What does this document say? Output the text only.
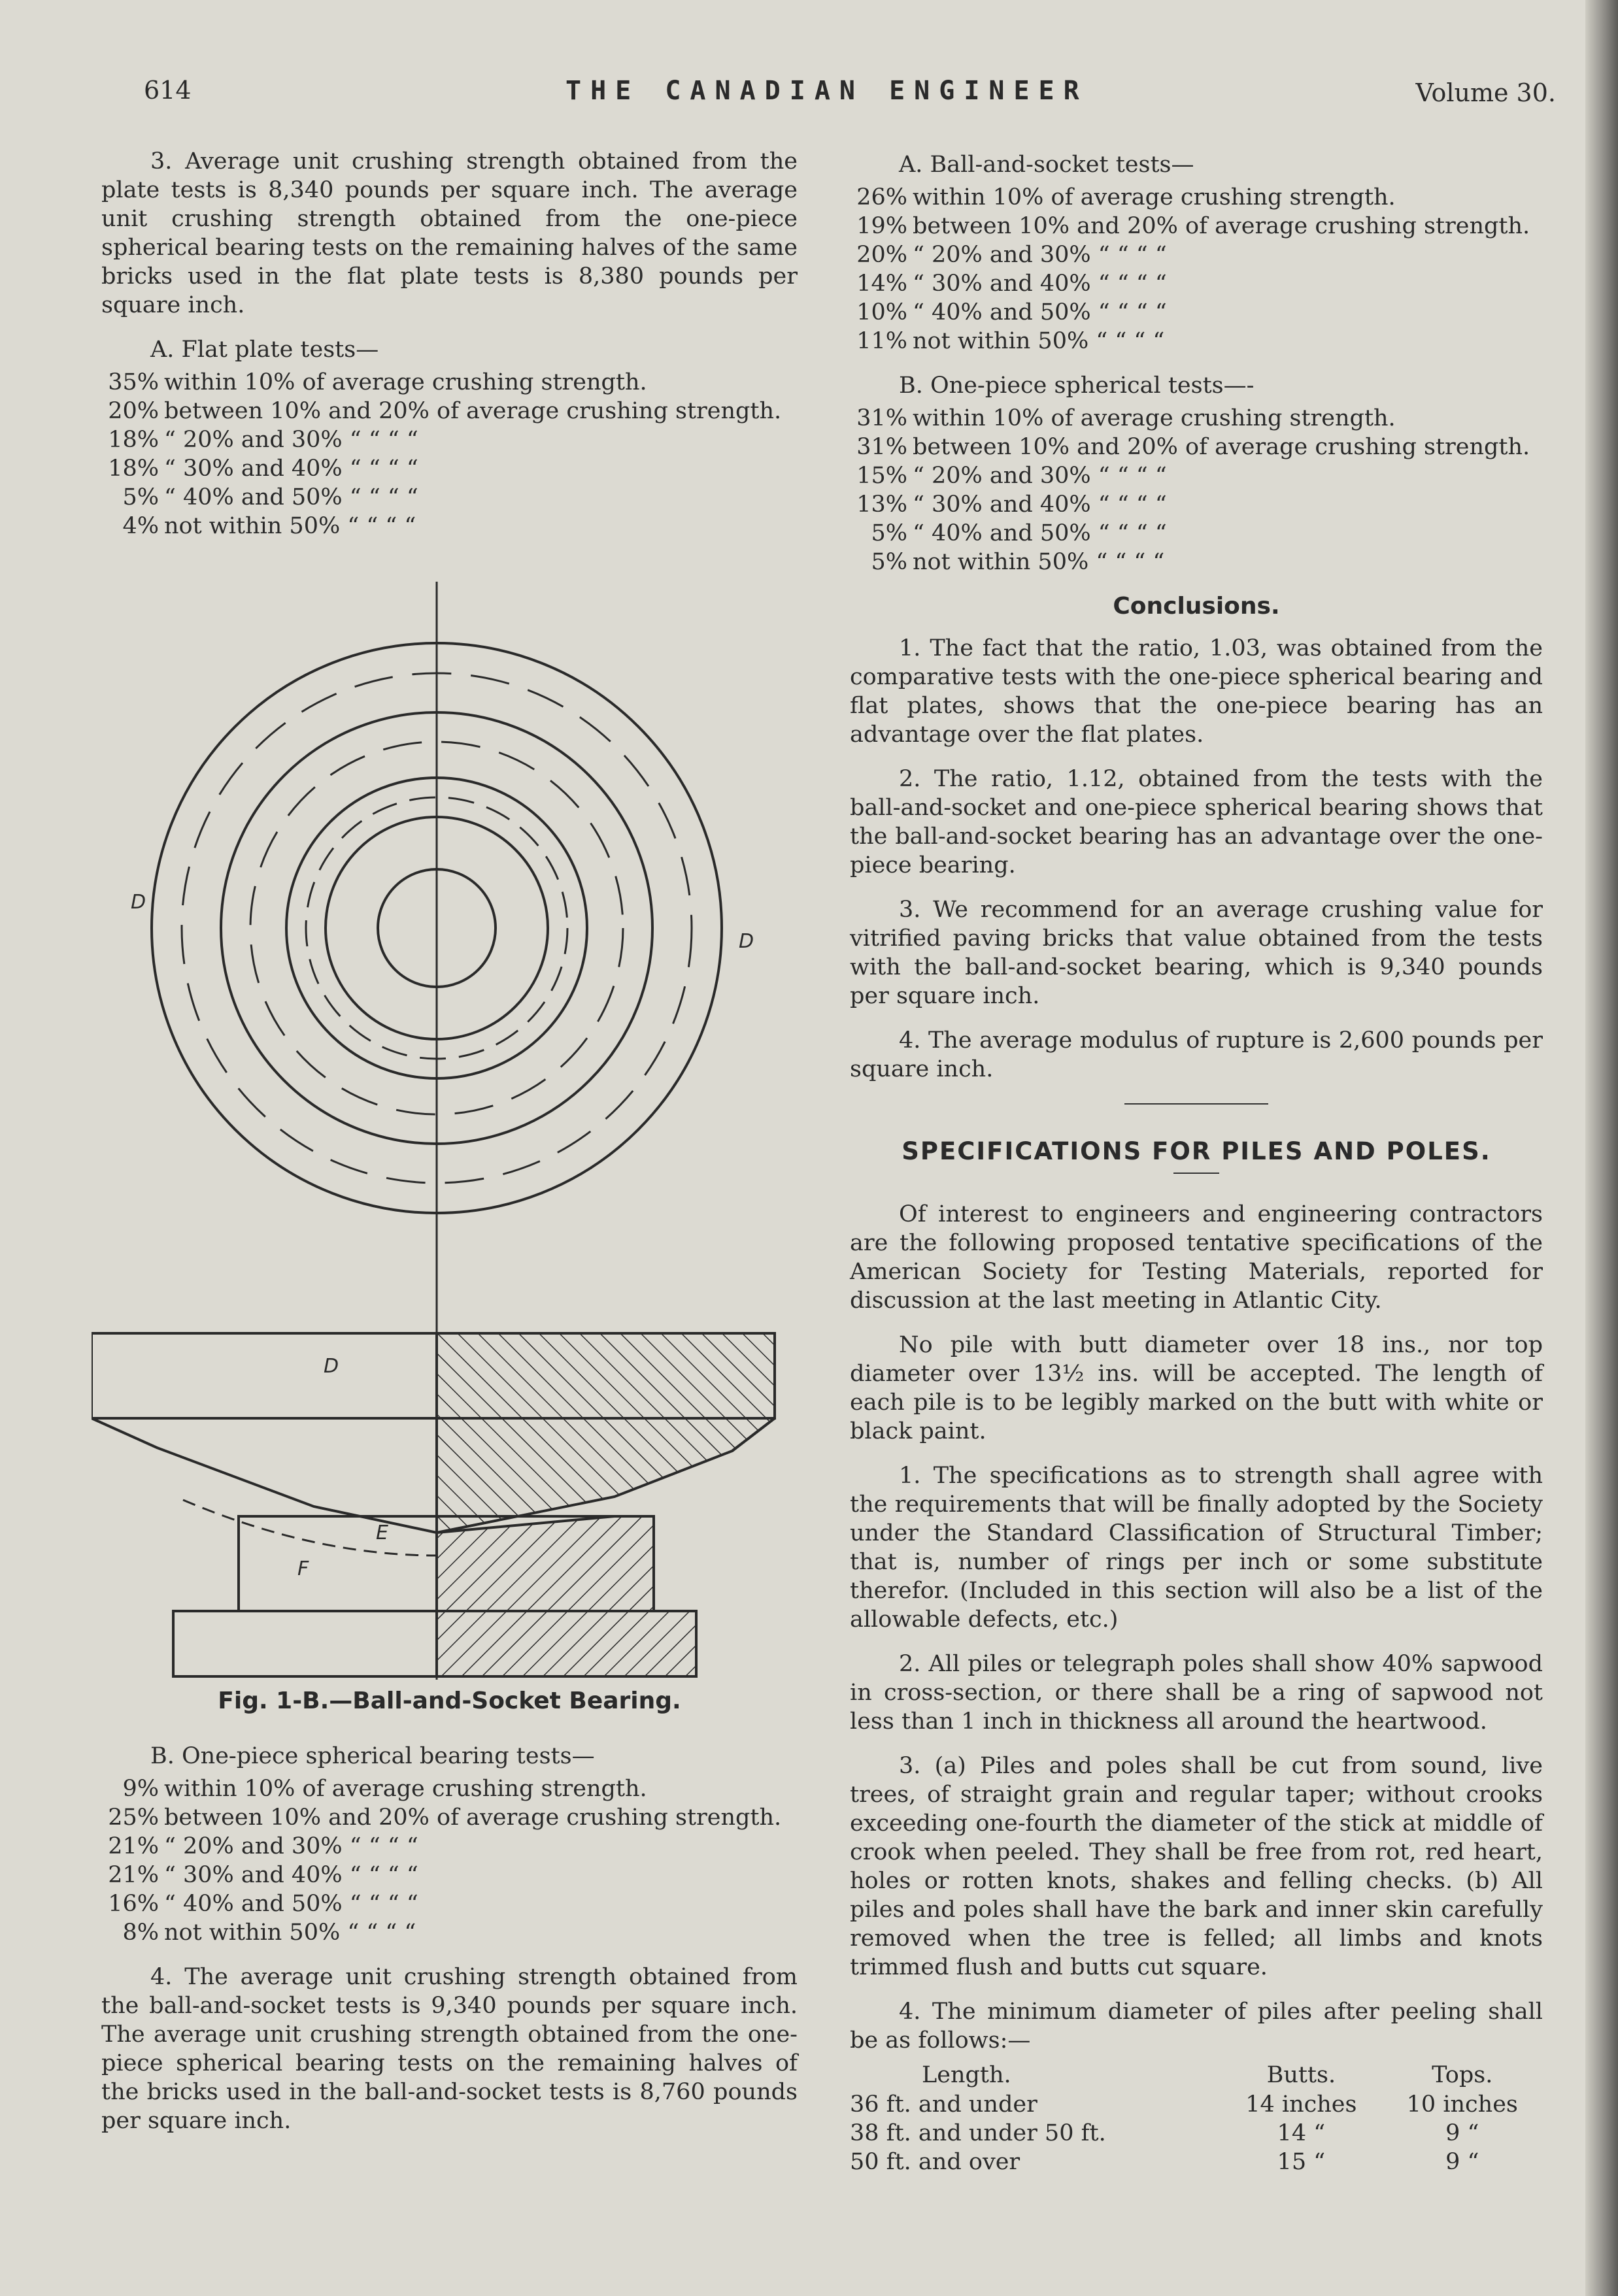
614	THE CANADIAN ENGINEER	Volume 30.

3. Average unit crushing strength obtained from the plate tests is 8,340 pounds per square inch. The average unit crushing strength obtained from the one-piece spherical bearing tests on the remaining halves of the same bricks used in the flat plate tests is 8,380 pounds per square inch.

A. Flat plate tests—
35%	within 10% of average crushing strength.
20%	between 10% and 20% of average crushing strength.
18%	“ 20% and 30% “ “ “ “
18%	“ 30% and 40% “ “ “ “
5%	“ 40% and 50% “ “ “ “
4%	not within 50% “ “ “ “
D
D
D
E
F
Fig. 1-B.—Ball-and-Socket Bearing.
B. One-piece spherical bearing tests—
9%	within 10% of average crushing strength.
25%	between 10% and 20% of average crushing strength.
21%	“ 20% and 30% “ “ “ “
21%	“ 30% and 40% “ “ “ “
16%	“ 40% and 50% “ “ “ “
8%	not within 50% “ “ “ “

4. The average unit crushing strength obtained from the ball-and-socket tests is 9,340 pounds per square inch. The average unit crushing strength obtained from the one-piece spherical bearing tests on the remaining halves of the bricks used in the ball-and-socket tests is 8,760 pounds per square inch.

A. Ball-and-socket tests—
26%	within 10% of average crushing strength.
19%	between 10% and 20% of average crushing strength.
20%	“ 20% and 30% “ “ “ “
14%	“ 30% and 40% “ “ “ “
10%	“ 40% and 50% “ “ “ “
11%	not within 50% “ “ “ “
B. One-piece spherical tests—-
31%	within 10% of average crushing strength.
31%	between 10% and 20% of average crushing strength.
15%	“ 20% and 30% “ “ “ “
13%	“ 30% and 40% “ “ “ “
5%	“ 40% and 50% “ “ “ “
5%	not within 50% “ “ “ “
Conclusions.

1. The fact that the ratio, 1.03, was obtained from the comparative tests with the one-piece spherical bearing and flat plates, shows that the one-piece bearing has an advantage over the flat plates.

2. The ratio, 1.12, obtained from the tests with the ball-and-socket and one-piece spherical bearing shows that the ball-and-socket bearing has an advantage over the one-piece bearing.

3. We recommend for an average crushing value for vitrified paving bricks that value obtained from the tests with the ball-and-socket bearing, which is 9,340 pounds per square inch.

4. The average modulus of rupture is 2,600 pounds per square inch.

SPECIFICATIONS FOR PILES AND POLES.

Of interest to engineers and engineering contractors are the following proposed tentative specifications of the American Society for Testing Materials, reported for discussion at the last meeting in Atlantic City.

No pile with butt diameter over 18 ins., nor top diameter over 13½ ins. will be accepted. The length of each pile is to be legibly marked on the butt with white or black paint.

1. The specifications as to strength shall agree with the requirements that will be finally adopted by the Society under the Standard Classification of Structural Timber; that is, number of rings per inch or some substitute therefor. (Included in this section will also be a list of the allowable defects, etc.)

2. All piles or telegraph poles shall show 40% sapwood in cross-section, or there shall be a ring of sapwood not less than 1 inch in thickness all around the heartwood.

3. (a) Piles and poles shall be cut from sound, live trees, of straight grain and regular taper; without crooks exceeding one-fourth the diameter of the stick at middle of crook when peeled. They shall be free from rot, red heart, holes or rotten knots, shakes and felling checks. (b) All piles and poles shall have the bark and inner skin carefully removed when the tree is felled; all limbs and knots trimmed flush and butts cut square.

4. The minimum diameter of piles after peeling shall be as follows:—

Length.	Butts.	Tops.
36 ft. and under	14 inches	10 inches
38 ft. and under 50 ft.	14 “	9 “
50 ft. and over	15 “	9 “
